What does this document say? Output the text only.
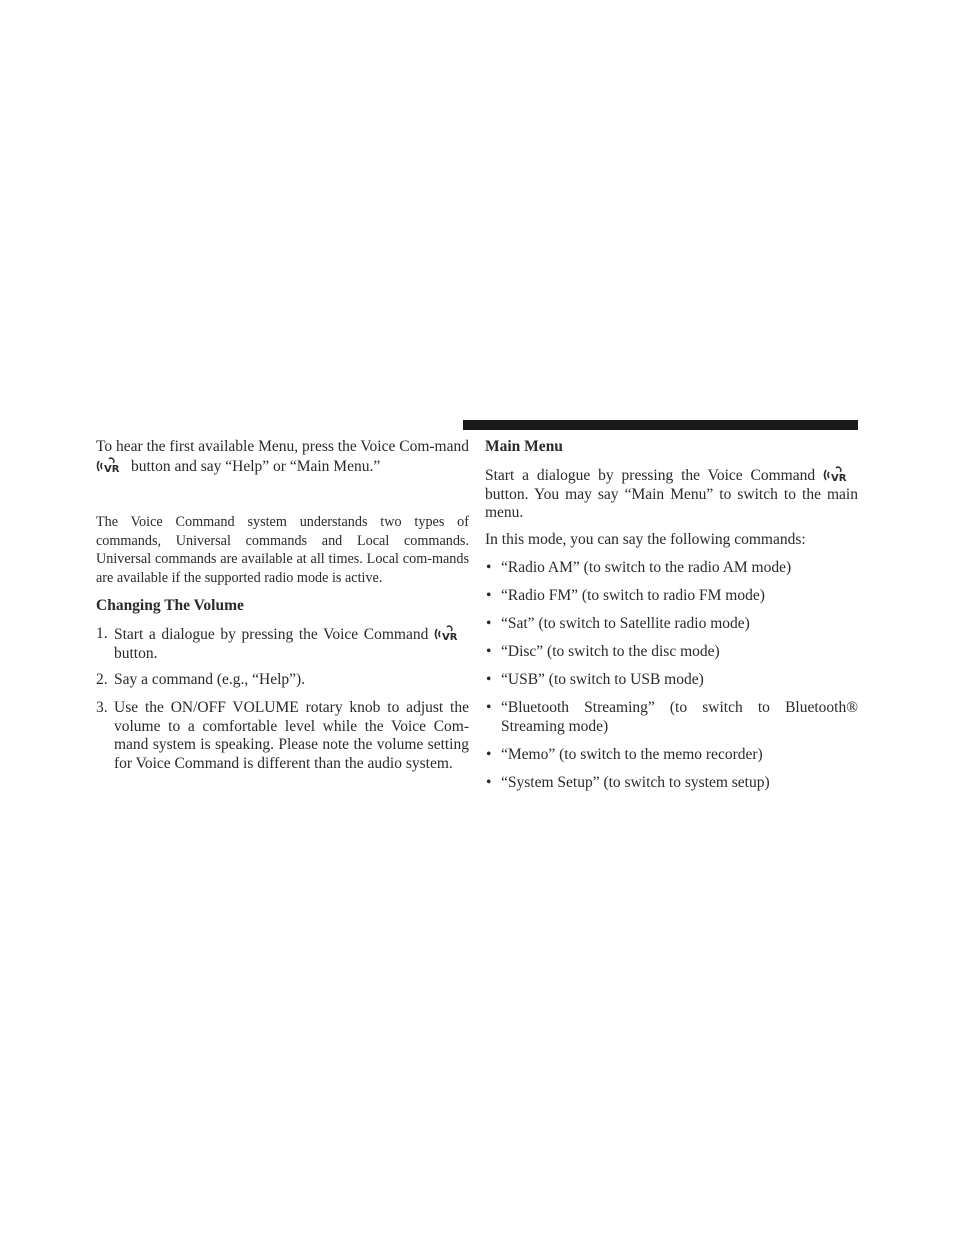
To hear the first available Menu, press the Voice Com-mand
VR button and say “Help” or “Main Menu.”

The Voice Command system understands two types of commands, Universal commands and Local commands. Universal commands are available at all times. Local com-mands are available if the supported radio mode is active.

Changing The Volume

1. Start a dialogue by pressing the Voice Command VR
button.
2. Say a command (e.g., “Help”).
3. Use the ON/OFF VOLUME rotary knob to adjust the volume to a comfortable level while the Voice Com-mand system is speaking. Please note the volume setting for Voice Command is different than the audio system.

Main Menu

Start a dialogue by pressing the Voice Command VR
button. You may say “Main Menu” to switch to the main menu.

In this mode, you can say the following commands:

• “Radio AM” (to switch to the radio AM mode)
• “Radio FM” (to switch to radio FM mode)
• “Sat” (to switch to Satellite radio mode)
• “Disc” (to switch to the disc mode)
• “USB” (to switch to USB mode)
• “Bluetooth Streaming” (to switch to Bluetooth® Streaming mode)
• “Memo” (to switch to the memo recorder)
• “System Setup” (to switch to system setup)
